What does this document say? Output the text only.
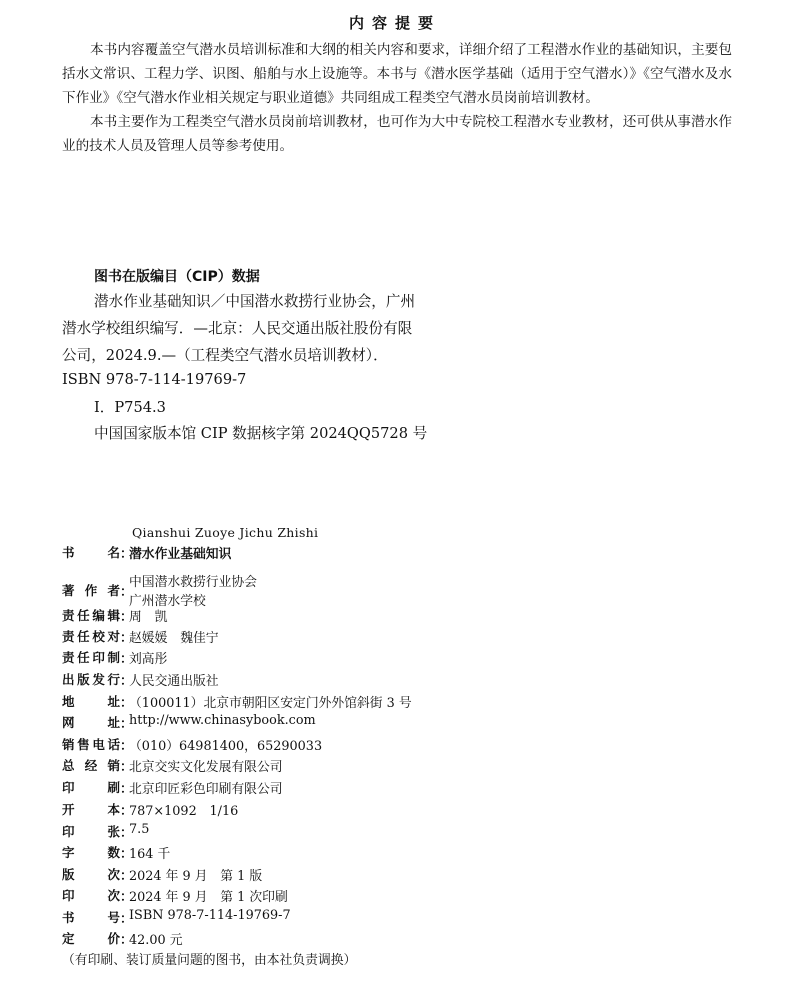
内容提要

本书内容覆盖空气潜水员培训标准和大纲的相关内容和要求，详细介绍了工程潜水作业的基础知识，主要包括水文常识、工程力学、识图、船舶与水上设施等。本书与《潜水医学基础（适用于空气潜水）》《空气潜水及水下作业》《空气潜水作业相关规定与职业道德》共同组成工程类空气潜水员岗前培训教材。

本书主要作为工程类空气潜水员岗前培训教材，也可作为大中专院校工程潜水专业教材，还可供从事潜水作业的技术人员及管理人员等参考使用。

图书在版编目（CIP）数据
潜水作业基础知识／中国潜水救捞行业协会，广州
潜水学校组织编写．—北京：人民交通出版社股份有限
公司，2024.9.—（工程类空气潜水员培训教材）．
ISBN 978-7-114-19769-7
Ⅰ．P754.3
中国国家版本馆 CIP 数据核字第 2024QQ5728 号
Qianshui Zuoye Jichu Zhishi
书	名 ：
潜水作业基础知识
著 作 者 ：
中国潜水救捞行业协会
广州潜水学校
责 任 编 辑 ：
周　凯
责 任 校 对 ：
赵媛媛　魏佳宁
责 任 印 制 ：
刘高彤
出 版 发 行 ：
人民交通出版社
地	址 ：
（100011）北京市朝阳区安定门外外馆斜街 3 号
网	址 ：
http://www.chinasybook.com
销 售 电 话 ：
（010）64981400，65290033
总 经 销 ：
北京交实文化发展有限公司
印	刷 ：
北京印匠彩色印刷有限公司
开	本 ：
787×1092　1/16
印	张 ：
7.5
字	数 ：
164 千
版	次 ：
2024 年 9 月　第 1 版
印	次 ：
2024 年 9 月　第 1 次印刷
书	号 ：
ISBN 978-7-114-19769-7
定	价 ：
42.00 元
（有印刷、装订质量问题的图书，由本社负责调换）
